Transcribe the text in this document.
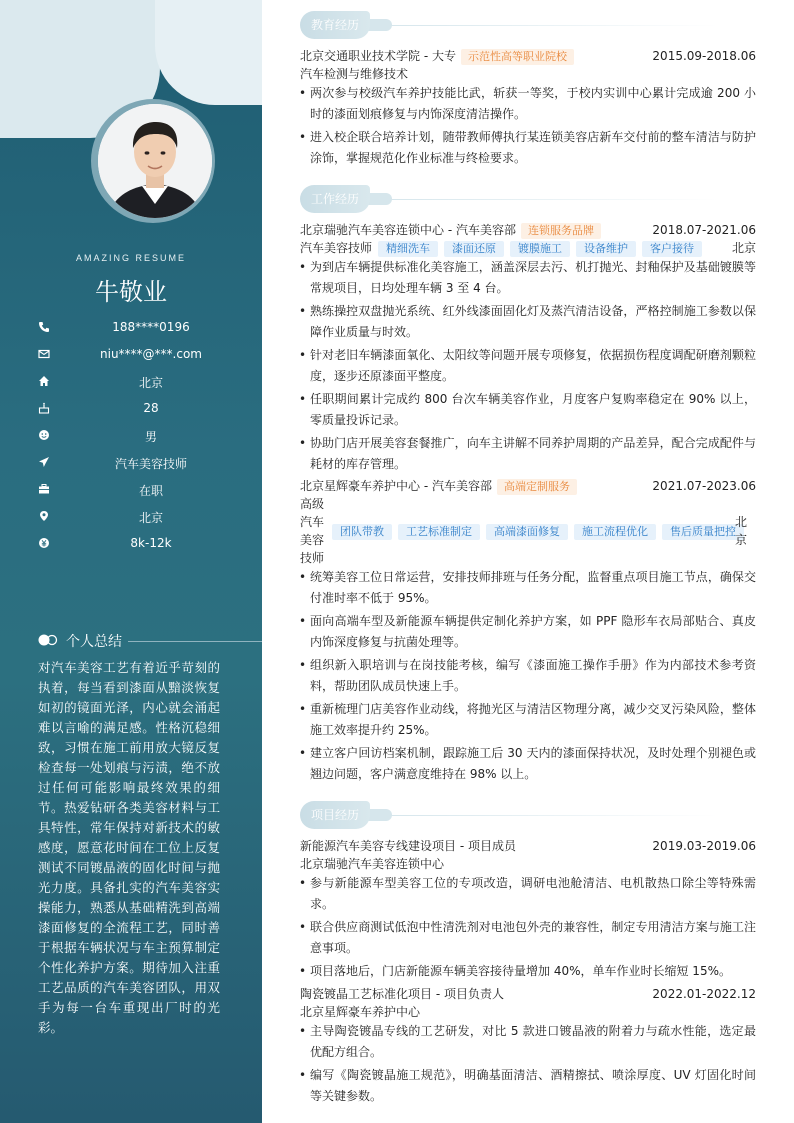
AMAZING RESUME
牛敬业
188****0196
niu****@***.com
北京
28
男
汽车美容技师
在职
北京
8k-12k
个人总结
对汽车美容工艺有着近乎苛刻的执着，每当看到漆面从黯淡恢复如初的镜面光泽，内心就会涌起难以言喻的满足感。性格沉稳细致，习惯在施工前用放大镜反复检查每一处划痕与污渍，绝不放过任何可能影响最终效果的细节。热爱钻研各类美容材料与工具特性，常年保持对新技术的敏感度，愿意花时间在工位上反复测试不同镀晶液的固化时间与抛光力度。具备扎实的汽车美容实操能力，熟悉从基础精洗到高端漆面修复的全流程工艺，同时善于根据车辆状况与车主预算制定个性化养护方案。期待加入注重工艺品质的汽车美容团队，用双手为每一台车重现出厂时的光彩。
教育经历
北京交通职业技术学院 - 大专 示范性高等职业院校	2015.09-2018.06
汽车检测与维修技术
• 两次参与校级汽车养护技能比武，斩获一等奖，于校内实训中心累计完成逾 200 小时的漆面划痕修复与内饰深度清洁操作。
• 进入校企联合培养计划，随带教师傅执行某连锁美容店新车交付前的整车清洁与防护涂饰，掌握规范化作业标准与终检要求。
工作经历
北京瑞驰汽车美容连锁中心 - 汽车美容部 连锁服务品牌	2018.07-2021.06
汽车美容技师 精细洗车 漆面还原 镀膜施工 设备维护 客户接待	北京
• 为到店车辆提供标准化美容施工，涵盖深层去污、机打抛光、封釉保护及基础镀膜等常规项目，日均处理车辆 3 至 4 台。
• 熟练操控双盘抛光系统、红外线漆面固化灯及蒸汽清洁设备，严格控制施工参数以保障作业质量与时效。
• 针对老旧车辆漆面氧化、太阳纹等问题开展专项修复，依据损伤程度调配研磨剂颗粒度，逐步还原漆面平整度。
• 任职期间累计完成约 800 台次车辆美容作业，月度客户复购率稳定在 90% 以上，零质量投诉记录。
• 协助门店开展美容套餐推广，向车主讲解不同养护周期的产品差异，配合完成配件与耗材的库存管理。
北京星辉豪车养护中心 - 汽车美容部 高端定制服务	2021.07-2023.06
高级汽车美容技师
团队带教 工艺标准制定 高端漆面修复 施工流程优化 售后质量把控
北京
• 统筹美容工位日常运营，安排技师排班与任务分配，监督重点项目施工节点，确保交付准时率不低于 95%。
• 面向高端车型及新能源车辆提供定制化养护方案，如 PPF 隐形车衣局部贴合、真皮内饰深度修复与抗菌处理等。
• 组织新入职培训与在岗技能考核，编写《漆面施工操作手册》作为内部技术参考资料，帮助团队成员快速上手。
• 重新梳理门店美容作业动线，将抛光区与清洁区物理分离，减少交叉污染风险，整体施工效率提升约 25%。
• 建立客户回访档案机制，跟踪施工后 30 天内的漆面保持状况，及时处理个别褪色或翘边问题，客户满意度维持在 98% 以上。
项目经历
新能源汽车美容专线建设项目 - 项目成员	2019.03-2019.06
北京瑞驰汽车美容连锁中心
• 参与新能源车型美容工位的专项改造，调研电池舱清洁、电机散热口除尘等特殊需求。
• 联合供应商测试低泡中性清洗剂对电池包外壳的兼容性，制定专用清洁方案与施工注意事项。
• 项目落地后，门店新能源车辆美容接待量增加 40%，单车作业时长缩短 15%。
陶瓷镀晶工艺标准化项目 - 项目负责人	2022.01-2022.12
北京星辉豪车养护中心
• 主导陶瓷镀晶专线的工艺研发，对比 5 款进口镀晶液的附着力与疏水性能，选定最优配方组合。
• 编写《陶瓷镀晶施工规范》，明确基面清洁、酒精擦拭、喷涂厚度、UV 灯固化时间等关键参数。
